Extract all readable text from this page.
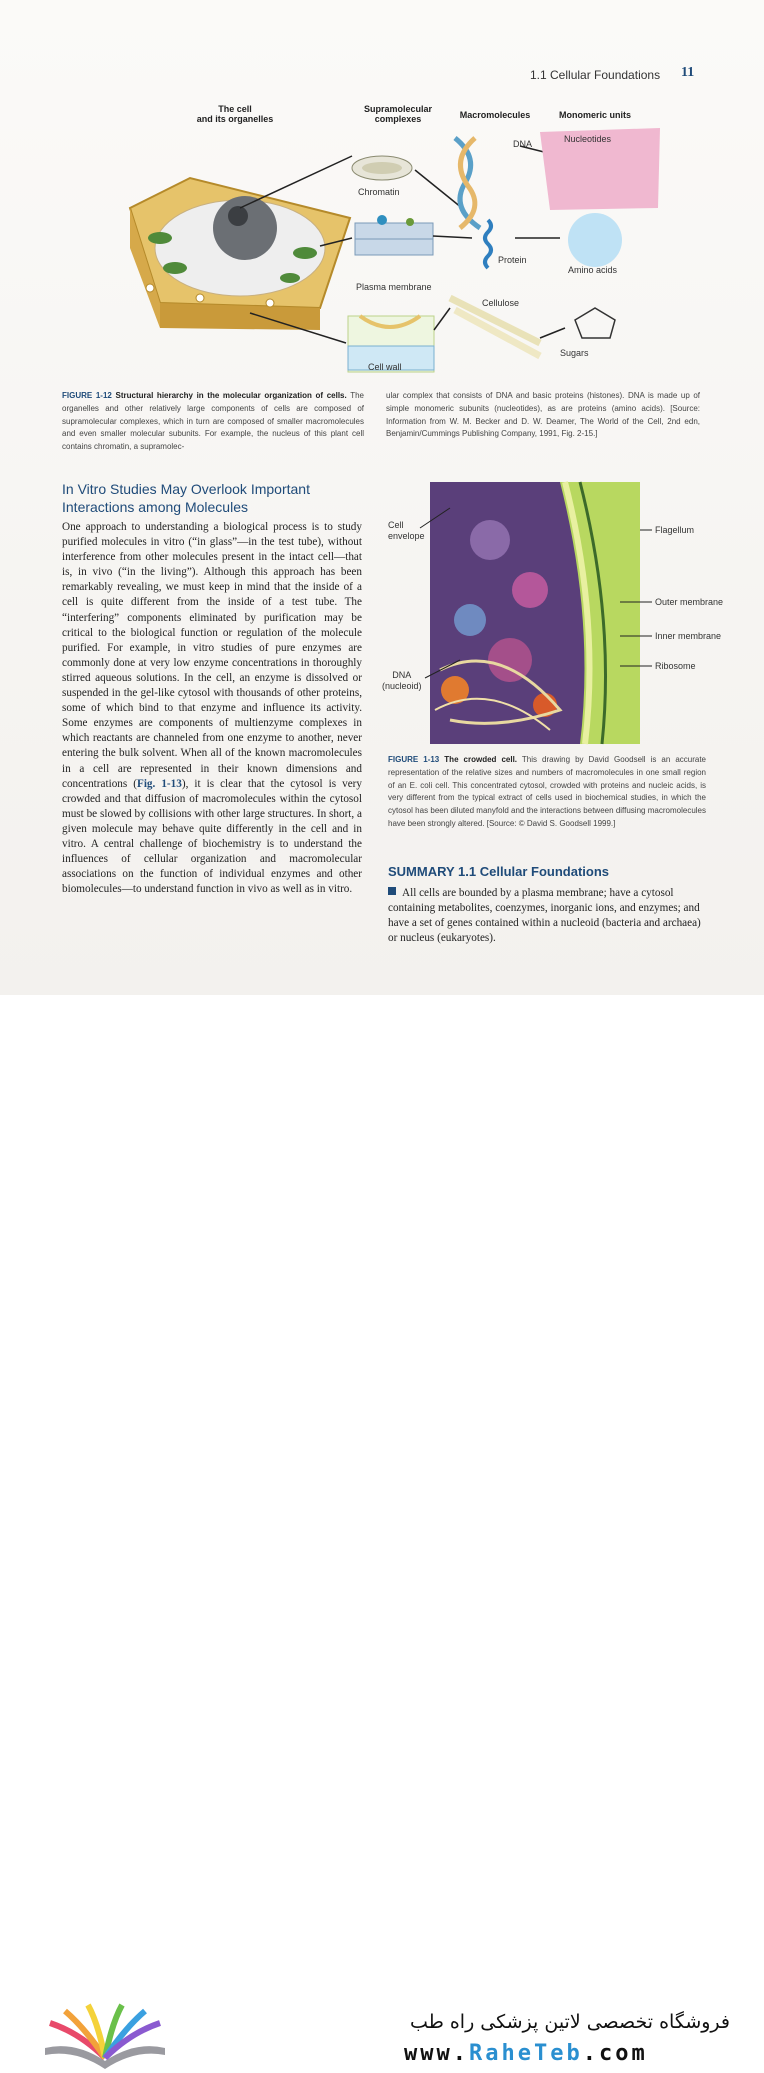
1.1 Cellular Foundations 11
The cell
and its organelles
Supramolecular
complexes	Macromolecules	Monomeric units
Chromatin
Plasma membrane
Cell wall
DNA
Protein
Cellulose
Nucleotides
Amino acids
Sugars
FIGURE 1-12 Structural hierarchy in the molecular organization of cells. The organelles and other relatively large components of cells are composed of supramolecular complexes, which in turn are composed of smaller macromolecules and even smaller molecular subunits. For example, the nucleus of this plant cell contains chromatin, a supramolec-
ular complex that consists of DNA and basic proteins (histones). DNA is made up of simple monomeric subunits (nucleotides), as are proteins (amino acids). [Source: Information from W. M. Becker and D. W. Deamer, The World of the Cell, 2nd edn, Benjamin/Cummings Publishing Company, 1991, Fig. 2-15.]
In Vitro Studies May Overlook Important Interactions among Molecules
One approach to understanding a biological process is to study purified molecules in vitro (“in glass”—in the test tube), without interference from other molecules present in the intact cell—that is, in vivo (“in the living”). Although this approach has been remarkably revealing, we must keep in mind that the inside of a cell is quite different from the inside of a test tube. The “interfering” components eliminated by purification may be critical to the biological function or regulation of the molecule purified. For example, in vitro studies of pure enzymes are commonly done at very low enzyme concentrations in thoroughly stirred aqueous solutions. In the cell, an enzyme is dissolved or suspended in the gel-like cytosol with thousands of other proteins, some of which bind to that enzyme and influence its activity. Some enzymes are components of multienzyme complexes in which reactants are channeled from one enzyme to another, never entering the bulk solvent. When all of the known macromolecules in a cell are represented in their known dimensions and concentrations (Fig. 1-13), it is clear that the cytosol is very crowded and that diffusion of macromolecules within the cytosol must be slowed by collisions with other large structures. In short, a given molecule may behave quite differently in the cell and in vitro. A central challenge of biochemistry is to understand the influences of cellular organization and macromolecular associations on the function of individual enzymes and other biomolecules—to understand function in vivo as well as in vitro.
Cell
envelope
Flagellum
Outer membrane
Inner membrane
Ribosome
DNA
(nucleoid)
FIGURE 1-13 The crowded cell. This drawing by David Goodsell is an accurate representation of the relative sizes and numbers of macromolecules in one small region of an E. coli cell. This concentrated cytosol, crowded with proteins and nucleic acids, is very different from the typical extract of cells used in biochemical studies, in which the cytosol has been diluted manyfold and the interactions between diffusing macromolecules have been strongly altered. [Source: © David S. Goodsell 1999.]
SUMMARY 1.1 Cellular Foundations
All cells are bounded by a plasma membrane; have a cytosol containing metabolites, coenzymes, inorganic ions, and enzymes; and have a set of genes contained within a nucleoid (bacteria and archaea) or nucleus (eukaryotes).
فروشگاه تخصصی لاتین پزشکی راه طب
www.RaheTeb.com
